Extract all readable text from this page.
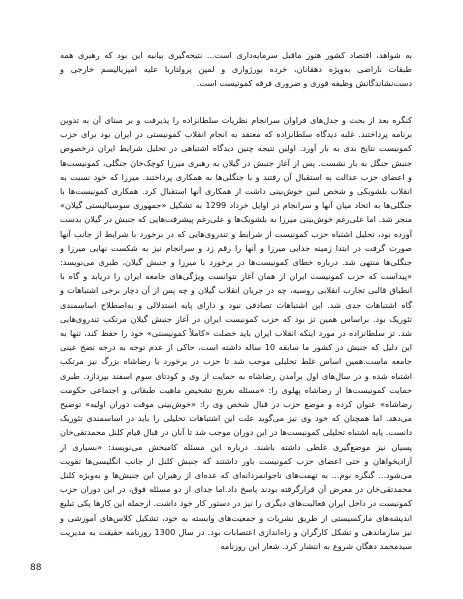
به شواهد، اقتصاد کشور هنوز ماقبل سرمایه‌داری است... نتیجه‌گیری بیانیه این بود که رهبری همه طبقات ناراضی به‌ویژه دهقانان، خرده بورژوازی و لمپن پرولتاریا علیه امپریالیسم خارجی و دست‌نشاندگانش وظیفه فوری و ضروری فرقه کمونیست است.

کنگره بعد از بحث و جدل‌های فراوان سرانجام نظریات سلطانزاده را پذیرفت و بر مبنای آن به تدوین برنامه پرداختند. غلبه دیدگاه سلطانزاده که معتقد به انجام انقلاب کمونیستی در ایران بود برای حزب کمونیست نتایج بدی به بار آورد. اولین نتیجه چنین دیدگاه اشتباهی در تحلیل شرایط ایران درخصوص جنبش جنگل به بار نشست. پس از آغاز جنبش در گیلان به رهبری میرزا کوچک‌خان جنگلی، کمونیست‌ها و اعضای حزب عدالت به استقبال آن رفتند و با جنگلی‌ها به همکاری پرداختند. میرزا که خود نسبت به انقلاب بلشویکی و شخص لنین خوش‌بینی داشت از همکاری آنها استقبال کرد. همکاری کمونیست‌ها با جنگلی‌ها به اتحاد میان آنها و سرانجام در اوایل خرداد 1299 به تشکیل «جمهوری سوسیالیستی گیلان» منجر شد. اما علی‌رغم خوش‌بینی میرزا به بلشویک‌ها و علی‌رغم پیشرفت‌هایی که جنبش در گیلان بدست آورده بود، تحلیل اشتباه حزب کمونیست از شرایط و تندروی‌هایی که در برخورد با شرایط از جانب آنها صورت گرفت در ابتدا زمینه جدایی میرزا و آنها را رقم زد و سرانجام نیز به شکست نهایی میرزا و جنگلی‌ها منتهی شد. درباره خطای کمونیست‌ها در برخورد با میرزا و جنبش گیلان، طبری می‌نویسد: «پیداست که حزب کمونیست ایران از همان آغاز نتوانست ویژگی‌های جامعه ایران را دریابد و گاه با انطباق قالبی تجارب انقلابی روسیه، چه در جریان انقلاب گیلان و چه پس از آن دچار برخی اشتباهات و گاه اشتباهات جدی شد. این اشتباهات تصادفی نبود و دارای پایه استدلالی و به‌اصطلاح اساسمندی تئوریک بود. براساس همین تز بود که حزب کمونیست ایران در آغاز جنبش گیلان مرتکب تندروی‌هایی شد. تز سلطانزاده در مورد اینکه انقلاب ایران باید خصلت «کاملاً کمونیستی» خود را حفظ کند، تنها به این دلیل که جنبش در کشور ما سابقه 10 ساله داشته است، حاکی از عدم توجه به درجه نضج عینی جامعه ماست.همین اساس غلط تحلیلی موجب شد تا حزب در برخورد با رضاشاه بزرگ نیز مرتکب اشتباه شده و در سال‌های اول برآمدن رضاشاه به حمایت از وی و کودتای سوم اسفند بپردازد. طبری حمایت کمونیست‌ها از رضاشاه پهلوی را: «مسئله بغرنج تشخیص ماهیت طبقاتی و اجتماعی حکومت رضاشاه» عنوان کرده و موضع حزب در قبال شخص وی را: «خوش‌بینی موقت دوران اولیه» توضیح می‌دهد. اما همچنان که خود وی نیز می‌گوید علت این اشتباهات تحلیلی را باید در اساسمندی تئوریک دانست. پایه اشتباه تحلیلی کمونیست‌ها در این دوران موجب شد تا آنان در قبال قیام کلنل محمدتقی‌خان پسیان نیز موضع‌گیری غلطی داشته باشند. درباره این مسئله کامبخش می‌نویسد: «بسیاری از آزادیخواهان و حتی اعضای حزب کمونیست باور داشتند که جنبش کلنل از جانب انگلیسی‌ها تقویت می‌شود... گنگره نوم... به تهمت‌های ناجوانمردانه‌ای که عده‌ای از رهبران این جنبش‌ها و به‌ویژه کلنل محمدتقی‌خان در معرض آن قرارگرفته بودند پاسخ داد.اما جدای از دو مسئله فوق، در این دوران حزب کمونیست در داخل ایران فعالیت‌های دیگری را نیز در دستور کار خود داشت. ازجمله این کارها یکی تبلیغ اندیشه‌های مارکسیستی از طریق نشریات و جمعیت‌های وابسته به خود، تشکیل کلاس‌های آموزشی و نیز سازماندهی و تشکل کارگران و راه‌اندازی اعتصابات بود. در سال 1300 روزنامه حقیقت به مدیریت سیدمحمد دهگان شروع به انتشار کرد. شعار این روزنامه

88
